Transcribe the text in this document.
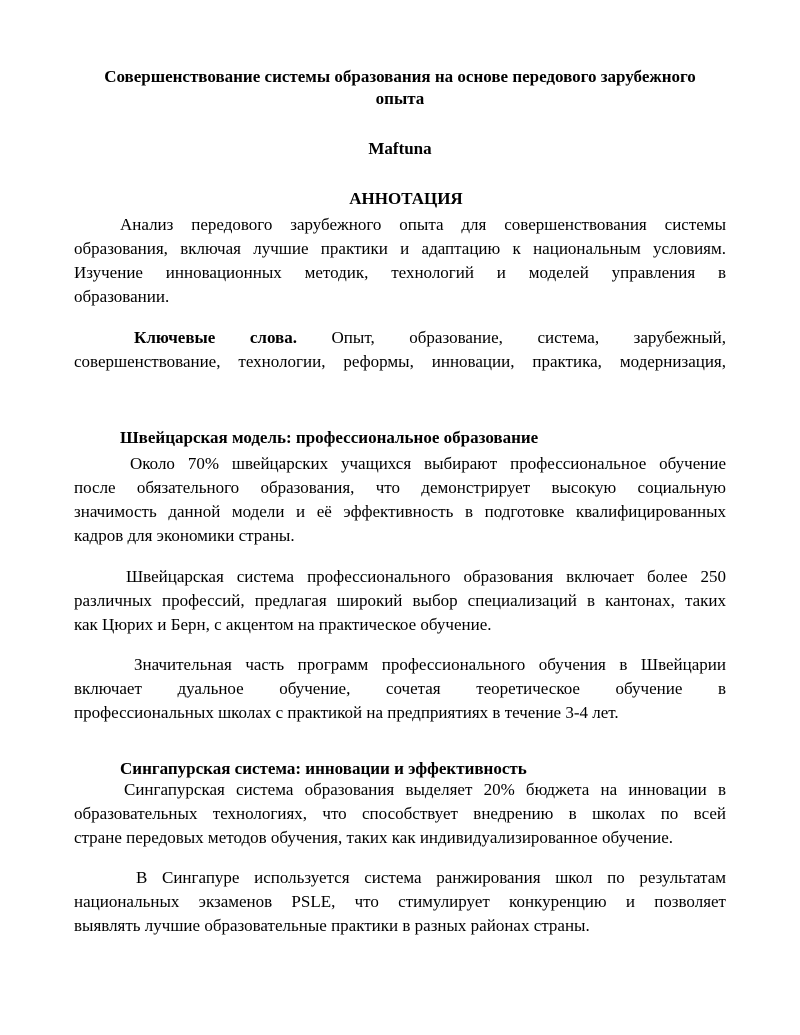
Совершенствование системы образования на основе передового зарубежного
опыта
Maftuna
АННОТАЦИЯ
Анализ передового зарубежного опыта для совершенствования системы
образования, включая лучшие практики и адаптацию к национальным условиям.
Изучение инновационных методик, технологий и моделей управления в
образовании.
Ключевые слова. Опыт, образование, система, зарубежный,
совершенствование, технологии, реформы, инновации, практика, модернизация,
Швейцарская модель: профессиональное образование
Около 70% швейцарских учащихся выбирают профессиональное обучение
после обязательного образования, что демонстрирует высокую социальную
значимость данной модели и её эффективность в подготовке квалифицированных
кадров для экономики страны.
Швейцарская система профессионального образования включает более 250
различных профессий, предлагая широкий выбор специализаций в кантонах, таких
как Цюрих и Берн, с акцентом на практическое обучение.
Значительная часть программ профессионального обучения в Швейцарии
включает дуальное обучение, сочетая теоретическое обучение в
профессиональных школах с практикой на предприятиях в течение 3-4 лет.
Сингапурская система: инновации и эффективность
Сингапурская система образования выделяет 20% бюджета на инновации в
образовательных технологиях, что способствует внедрению в школах по всей
стране передовых методов обучения, таких как индивидуализированное обучение.
В Сингапуре используется система ранжирования школ по результатам
национальных экзаменов PSLE, что стимулирует конкуренцию и позволяет
выявлять лучшие образовательные практики в разных районах страны.
